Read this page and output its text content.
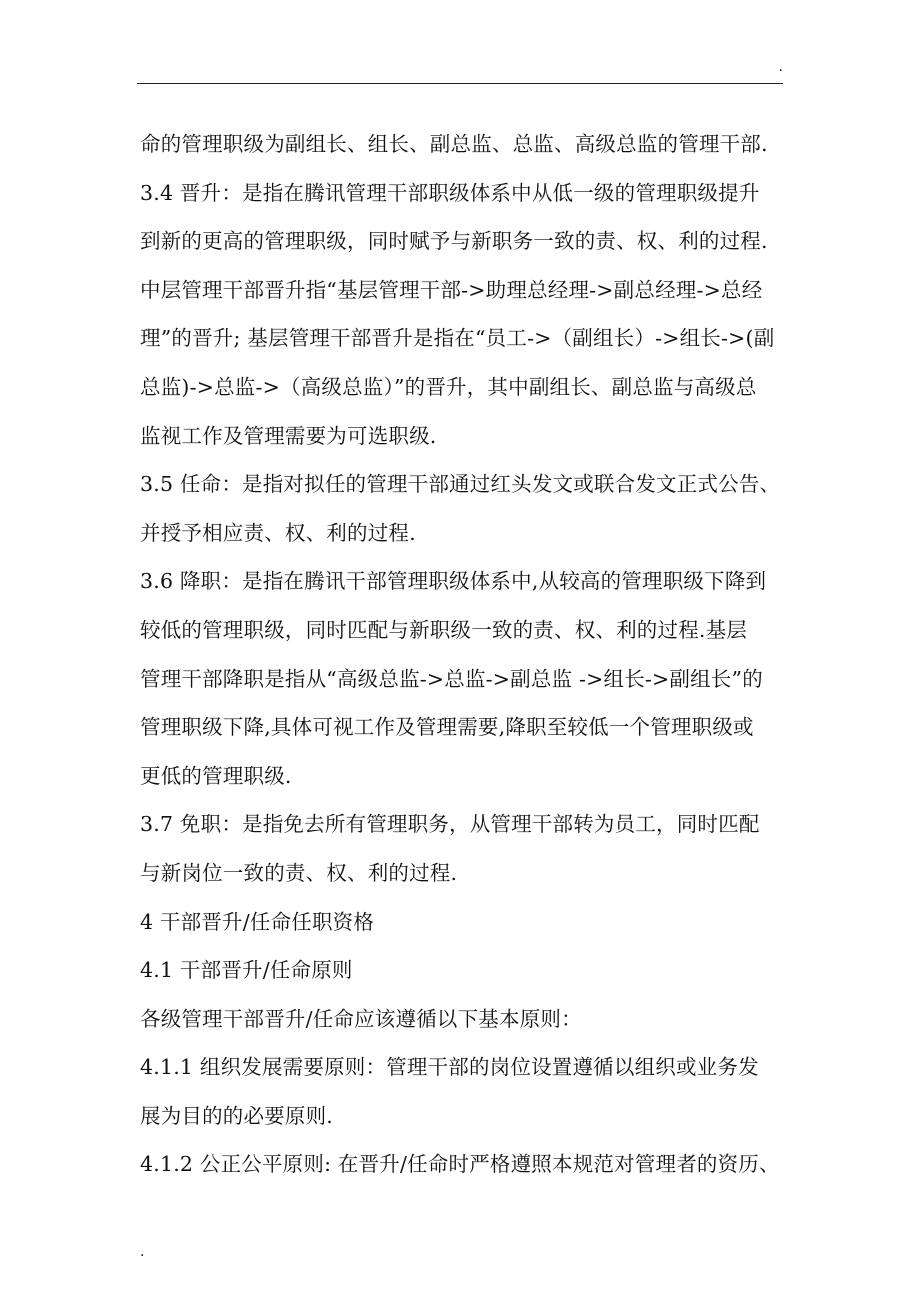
.
命的管理职级为副组长、组长、副总监、总监、高级总监的管理干部.
3.4 晋升：是指在腾讯管理干部职级体系中从低一级的管理职级提升
到新的更高的管理职级，同时赋予与新职务一致的责、权、利的过程.
中层管理干部晋升指“基层管理干部->助理总经理->副总经理->总经
理”的晋升; 基层管理干部晋升是指在“员工->（副组长）->组长->(副
总监)->总监->（高级总监）”的晋升，其中副组长、副总监与高级总
监视工作及管理需要为可选职级.
3.5 任命：是指对拟任的管理干部通过红头发文或联合发文正式公告、
并授予相应责、权、利的过程.
3.6 降职：是指在腾讯干部管理职级体系中,从较高的管理职级下降到
较低的管理职级，同时匹配与新职级一致的责、权、利的过程.基层
管理干部降职是指从“高级总监->总监->副总监 ->组长->副组长”的
管理职级下降,具体可视工作及管理需要,降职至较低一个管理职级或
更低的管理职级.
3.7 免职：是指免去所有管理职务，从管理干部转为员工，同时匹配
与新岗位一致的责、权、利的过程.
4 干部晋升/任命任职资格
4.1 干部晋升/任命原则
各级管理干部晋升/任命应该遵循以下基本原则：
4.1.1 组织发展需要原则：管理干部的岗位设置遵循以组织或业务发
展为目的的必要原则.
4.1.2 公正公平原则: 在晋升/任命时严格遵照本规范对管理者的资历、
.
